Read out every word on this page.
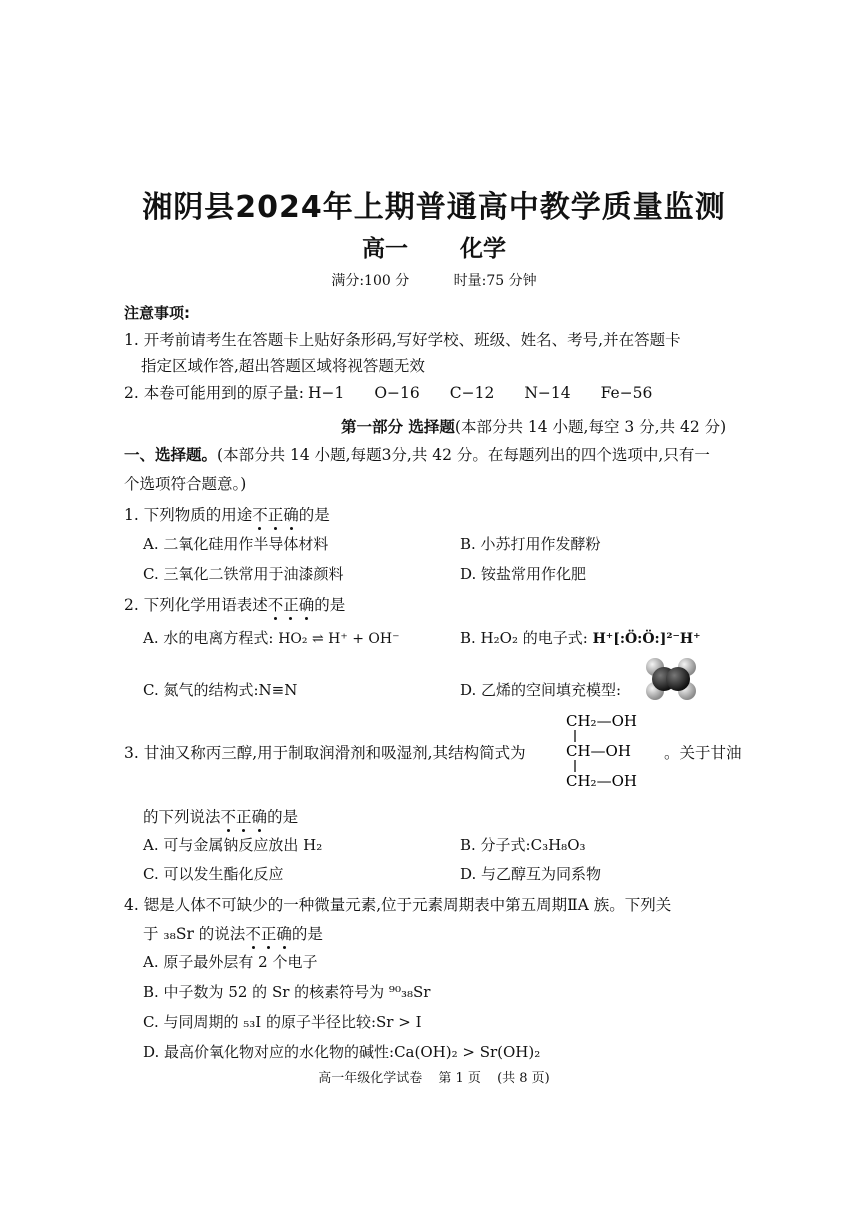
湘阴县2024年上期普通高中教学质量监测
高一 化学
满分:100 分	时量:75 分钟
注意事项:
1. 开考前请考生在答题卡上贴好条形码,写好学校、班级、姓名、考号,并在答题卡
指定区域作答,超出答题区域将视答题无效
2. 本卷可能用到的原子量: H−1 O−16 C−12 N−14 Fe−56
第一部分 选择题(本部分共 14 小题,每空 3 分,共 42 分)
一、选择题。(本部分共 14 小题,每题3分,共 42 分。在每题列出的四个选项中,只有一
个选项符合题意。)
1. 下列物质的用途不正确的是
A. 二氧化硅用作半导体材料	B. 小苏打用作发酵粉
C. 三氧化二铁常用于油漆颜料	D. 铵盐常用作化肥
2. 下列化学用语表述不正确的是
A. 水的电离方程式: HO₂ ⇌ H⁺ + OH⁻	B. H₂O₂ 的电子式: H⁺[:Ö:Ö:]²⁻H⁺
C. 氮气的结构式:N≡N	D. 乙烯的空间填充模型:
3. 甘油又称丙三醇,用于制取润滑剂和吸湿剂,其结构简式为
CH₂—OH
CH—OH
CH₂—OH
。关于甘油
的下列说法不正确的是
A. 可与金属钠反应放出 H₂	B. 分子式:C₃H₈O₃
C. 可以发生酯化反应	D. 与乙醇互为同系物
4. 锶是人体不可缺少的一种微量元素,位于元素周期表中第五周期ⅡA 族。下列关
于 ₃₈Sr 的说法不正确的是
A. 原子最外层有 2 个电子
B. 中子数为 52 的 Sr 的核素符号为 ⁹⁰₃₈Sr
C. 与同周期的 ₅₃I 的原子半径比较:Sr > I
D. 最高价氧化物对应的水化物的碱性:Ca(OH)₂ > Sr(OH)₂
高一年级化学试卷 第 1 页 (共 8 页)
